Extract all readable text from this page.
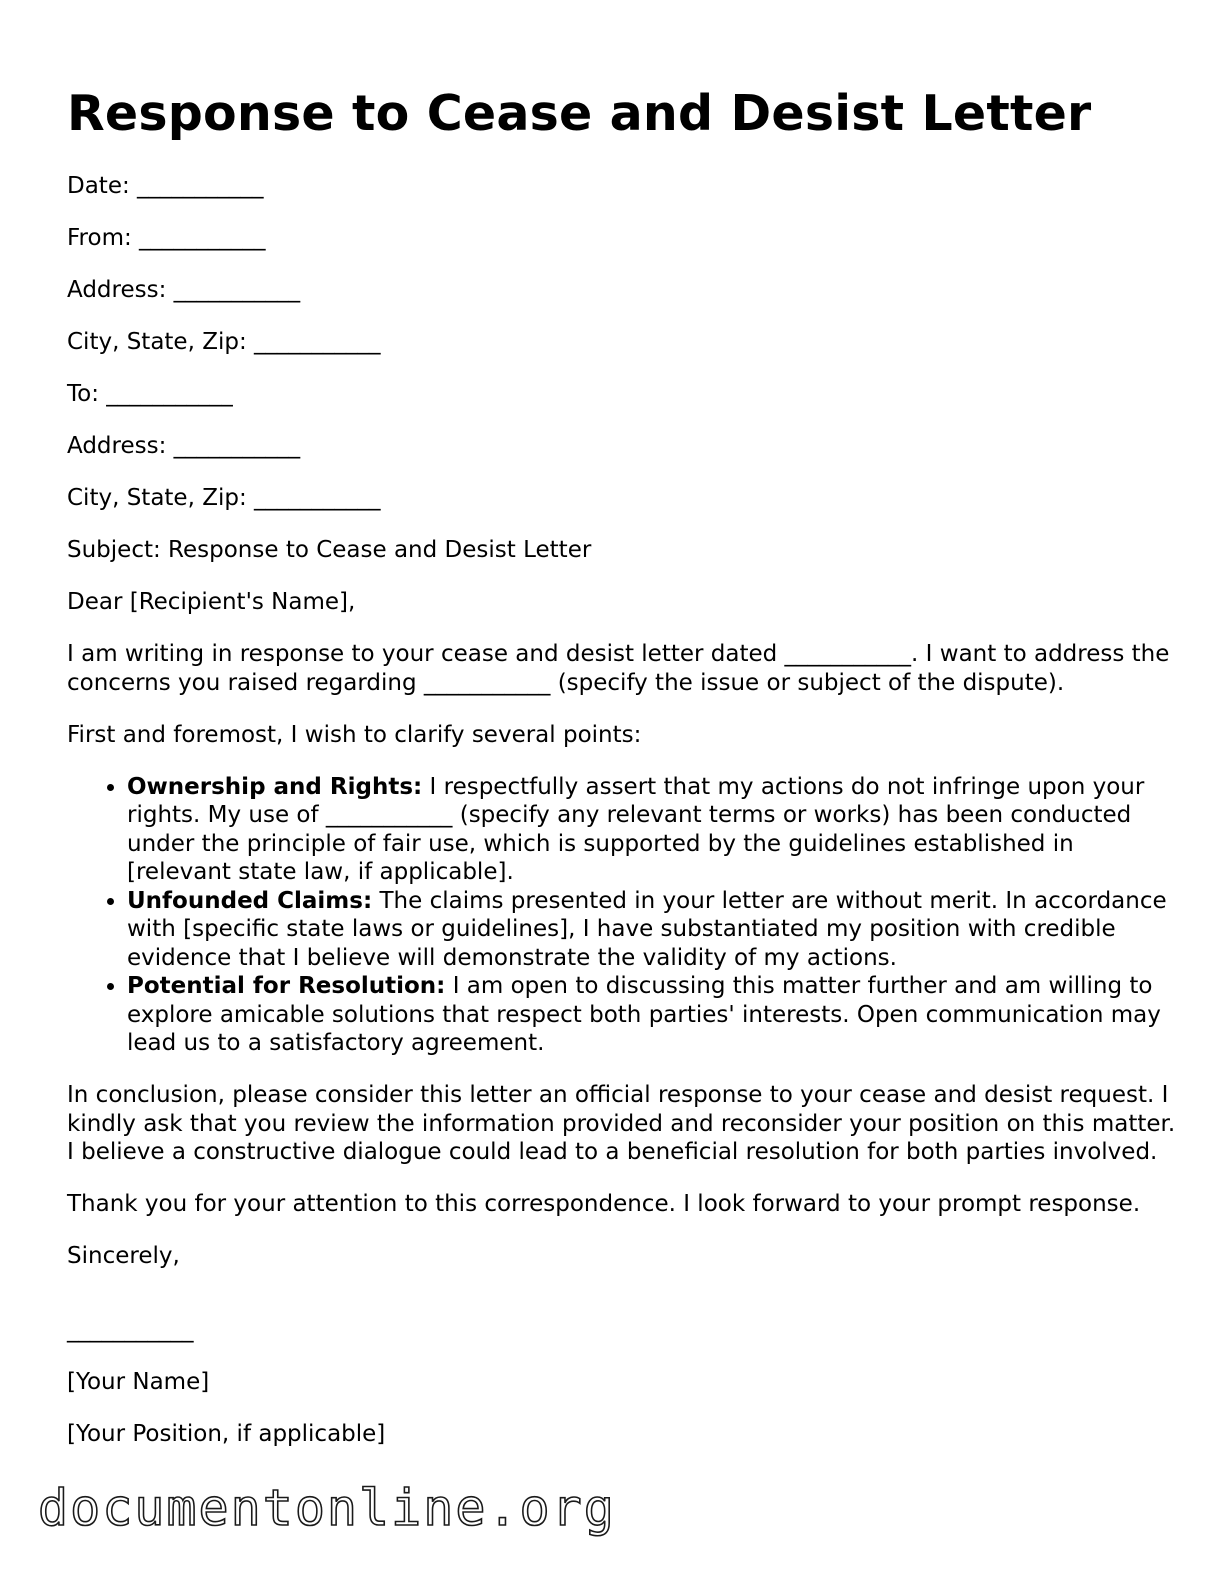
Response to Cease and Desist Letter
Date: ___________
From: ___________
Address: ___________
City, State, Zip: ___________
To: ___________
Address: ___________
City, State, Zip: ___________
Subject: Response to Cease and Desist Letter
Dear [Recipient's Name],

I am writing in response to your cease and desist letter dated ___________. I want to address the concerns you raised regarding ___________ (specify the issue or subject of the dispute).

First and foremost, I wish to clarify several points:

• Ownership and Rights: I respectfully assert that my actions do not infringe upon your rights. My use of ___________ (specify any relevant terms or works) has been conducted under the principle of fair use, which is supported by the guidelines established in [relevant state law, if applicable].
• Unfounded Claims: The claims presented in your letter are without merit. In accordance with [specific state laws or guidelines], I have substantiated my position with credible evidence that I believe will demonstrate the validity of my actions.
• Potential for Resolution: I am open to discussing this matter further and am willing to explore amicable solutions that respect both parties' interests. Open communication may lead us to a satisfactory agreement.

In conclusion, please consider this letter an official response to your cease and desist request. I kindly ask that you review the information provided and reconsider your position on this matter. I believe a constructive dialogue could lead to a beneficial resolution for both parties involved.

Thank you for your attention to this correspondence. I look forward to your prompt response.

Sincerely,
___________
[Your Name]
[Your Position, if applicable]
documentonline.org
